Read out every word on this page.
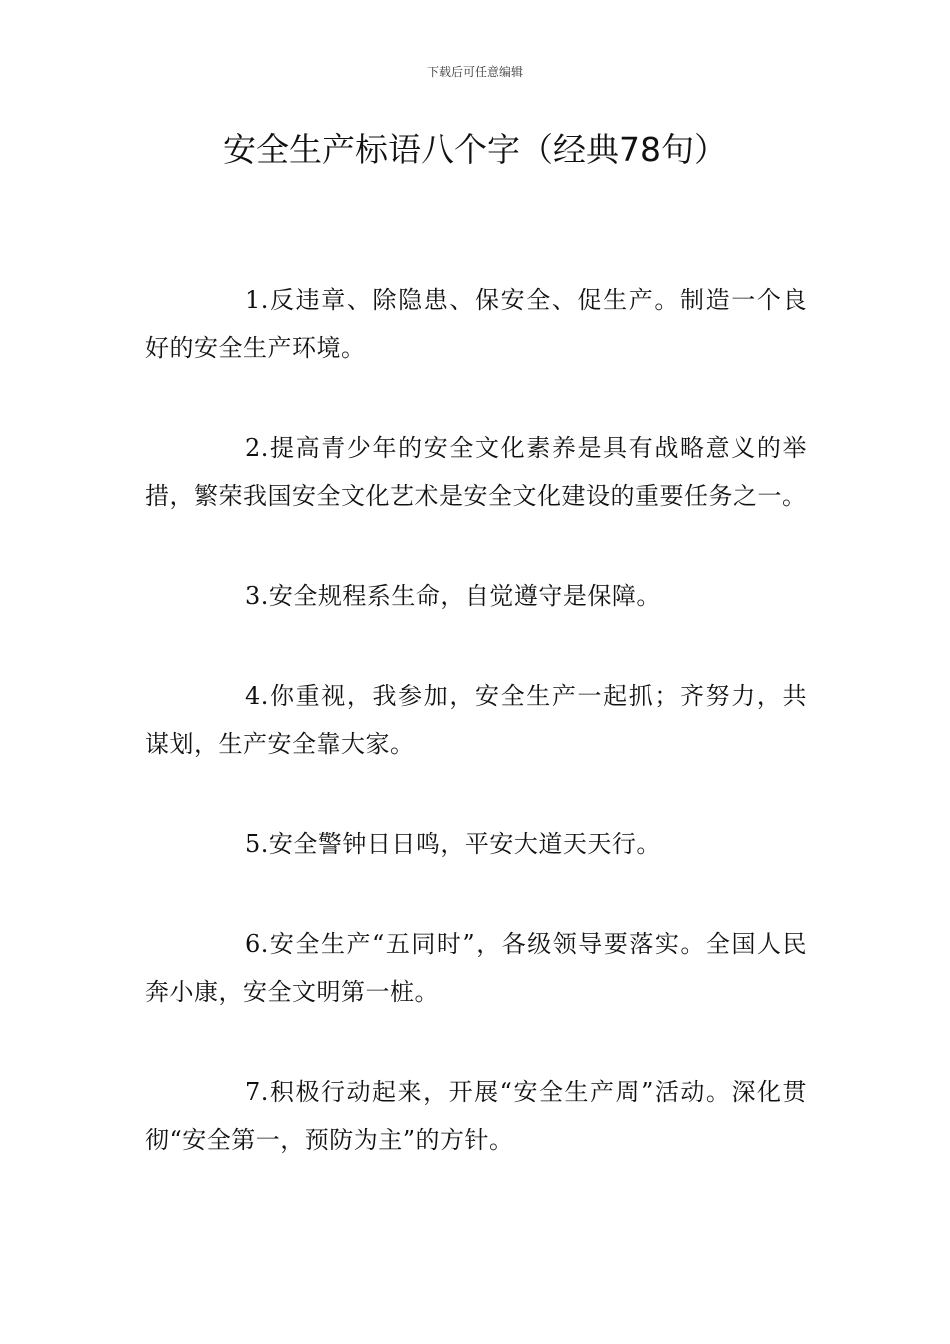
下载后可任意编辑
安全生产标语八个字（经典78句）

1.反违章、除隐患、保安全、促生产。制造一个良好的安全生产环境。

2.提高青少年的安全文化素养是具有战略意义的举措，繁荣我国安全文化艺术是安全文化建设的重要任务之一。

3.安全规程系生命，自觉遵守是保障。

4.你重视，我参加，安全生产一起抓；齐努力，共谋划，生产安全靠大家。

5.安全警钟日日鸣，平安大道天天行。

6.安全生产“五同时”，各级领导要落实。全国人民奔小康，安全文明第一桩。

7.积极行动起来，开展“安全生产周”活动。深化贯彻“安全第一，预防为主”的方针。
